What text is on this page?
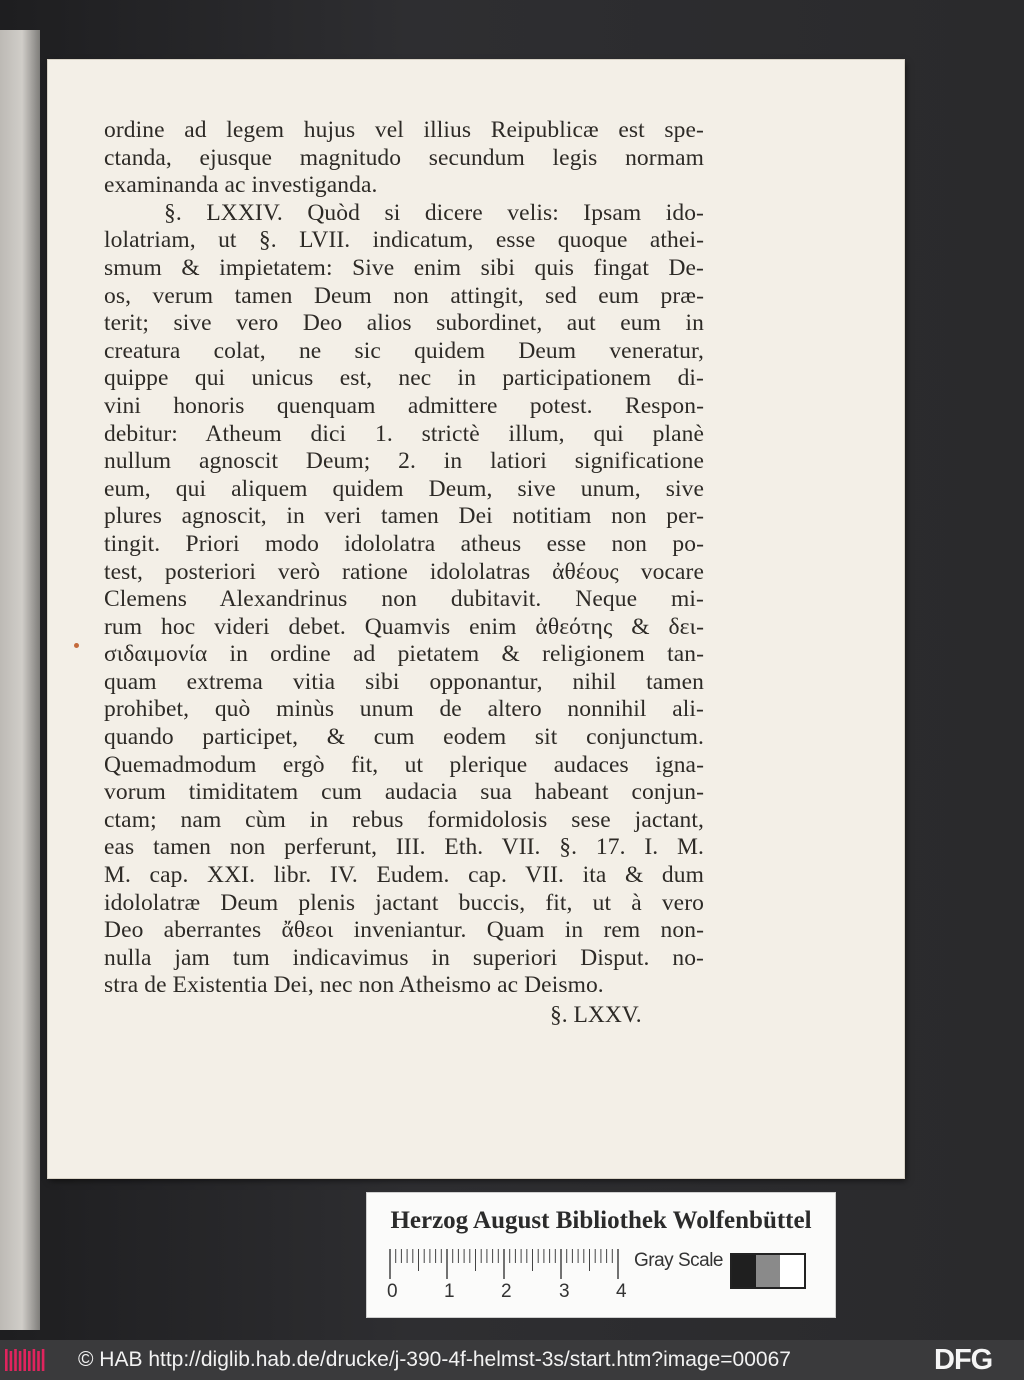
ordine ad legem hujus vel illius Reipublicæ est spe-
ctanda, ejusque magnitudo secundum legis normam
examinanda ac investiganda.
§. LXXIV. Quòd si dicere velis: Ipsam ido-
lolatriam, ut §. LVII. indicatum, esse quoque athei-
smum & impietatem: Sive enim sibi quis fingat De-
os, verum tamen Deum non attingit, sed eum præ-
terit; sive vero Deo alios subordinet, aut eum in
creatura colat, ne sic quidem Deum veneratur,
quippe qui unicus est, nec in participationem di-
vini honoris quenquam admittere potest. Respon-
debitur: Atheum dici 1. strictè illum, qui planè
nullum agnoscit Deum; 2. in latiori significatione
eum, qui aliquem quidem Deum, sive unum, sive
plures agnoscit, in veri tamen Dei notitiam non per-
tingit. Priori modo idololatra atheus esse non po-
test, posteriori verò ratione idololatras ἀθέους vocare
Clemens Alexandrinus non dubitavit. Neque mi-
rum hoc videri debet. Quamvis enim ἀθεότης & δει-
σιδαιμονία in ordine ad pietatem & religionem tan-
quam extrema vitia sibi opponantur, nihil tamen
prohibet, quò minùs unum de altero nonnihil ali-
quando participet, & cum eodem sit conjunctum.
Quemadmodum ergò fit, ut plerique audaces igna-
vorum timiditatem cum audacia sua habeant conjun-
ctam; nam cùm in rebus formidolosis sese jactant,
eas tamen non perferunt, III. Eth. VII. §. 17. I. M.
M. cap. XXI. libr. IV. Eudem. cap. VII. ita & dum
idololatræ Deum plenis jactant buccis, fit, ut à vero
Deo aberrantes ἄθεοι inveniantur. Quam in rem non-
nulla jam tum indicavimus in superiori Disput. no-
stra de Existentia Dei, nec non Atheismo ac Deismo.
§. LXXV.
Herzog August Bibliothek Wolfenbüttel
0 1 2 3 4
Gray Scale
© HAB http://diglib.hab.de/drucke/j-390-4f-helmst-3s/start.htm?image=00067	DFG
